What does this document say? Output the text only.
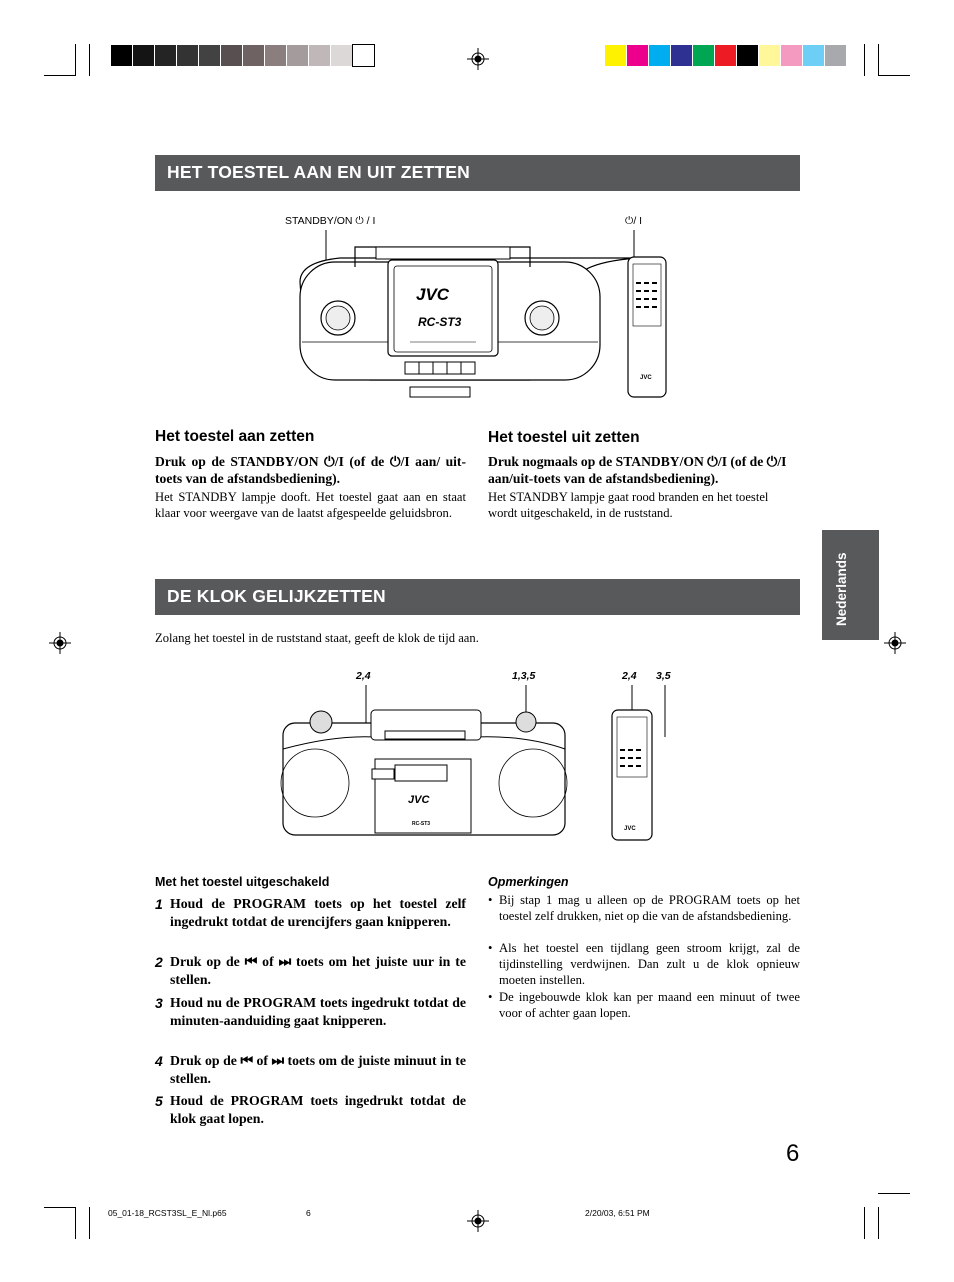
HET TOESTEL AAN EN UIT ZETTEN
STANDBY/ON ⏻ / I	⏻/ I
JVC
RC-ST3
JVC
Het toestel aan zetten
Druk op de STANDBY/ON ⏻/I (of de ⏻/I aan/ uit-toets van de afstandsbediening).
Het STANDBY lampje dooft. Het toestel gaat aan en staat klaar voor weergave van de laatst afgespeelde geluidsbron.
Het toestel uit zetten
Druk nogmaals op de STANDBY/ON ⏻/I (of de ⏻/I aan/uit-toets van de afstandsbediening).
Het STANDBY lampje gaat rood branden en het toestel wordt uitgeschakeld, in de ruststand.
Nederlands
DE KLOK GELIJKZETTEN
Zolang het toestel in de ruststand staat, geeft de klok de tijd aan.
2,4	1,3,5	2,4 3,5
JVC
RC-ST3
JVC
Met het toestel uitgeschakeld
1 Houd de PROGRAM toets op het toestel zelf ingedrukt totdat de urencijfers gaan knipperen.
2 Druk op de ⏮ of ⏭ toets om het juiste uur in te stellen.
3 Houd nu de PROGRAM toets ingedrukt totdat de minuten-aanduiding gaat knipperen.
4 Druk op de ⏮ of ⏭ toets om de juiste minuut in te stellen.
5 Houd de PROGRAM toets ingedrukt totdat de klok gaat lopen.
Opmerkingen
• Bij stap 1 mag u alleen op de PROGRAM toets op het toestel zelf drukken, niet op die van de afstandsbediening.
• Als het toestel een tijdlang geen stroom krijgt, zal de tijdinstelling verdwijnen. Dan zult u de klok opnieuw moeten instellen.
• De ingebouwde klok kan per maand een minuut of twee voor of achter gaan lopen.
6
05_01-18_RCST3SL_E_Nl.p65	6	2/20/03, 6:51 PM
